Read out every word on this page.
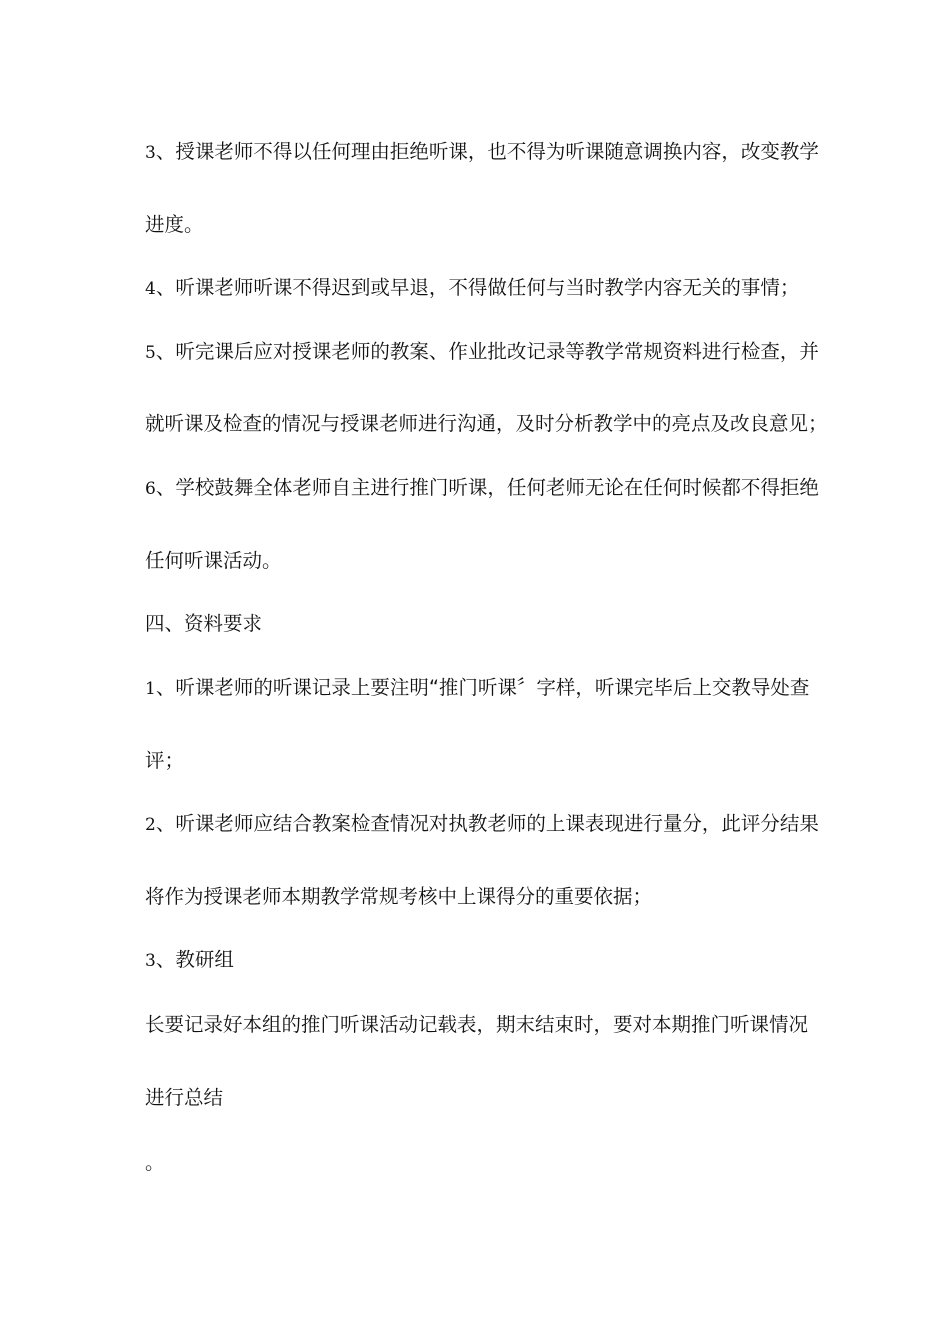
3、授课老师不得以任何理由拒绝听课，也不得为听课随意调换内容，改变教学
进度。
4、听课老师听课不得迟到或早退，不得做任何与当时教学内容无关的事情；
5、听完课后应对授课老师的教案、作业批改记录等教学常规资料进行检查，并
就听课及检查的情况与授课老师进行沟通，及时分析教学中的亮点及改良意见；
6、学校鼓舞全体老师自主进行推门听课，任何老师无论在任何时候都不得拒绝
任何听课活动。
四、资料要求
1、听课老师的听课记录上要注明“推门听课〞字样，听课完毕后上交教导处查
评；
2、听课老师应结合教案检查情况对执教老师的上课表现进行量分，此评分结果
将作为授课老师本期教学常规考核中上课得分的重要依据；
3、教研组
长要记录好本组的推门听课活动记载表，期末结束时，要对本期推门听课情况
进行总结
。
